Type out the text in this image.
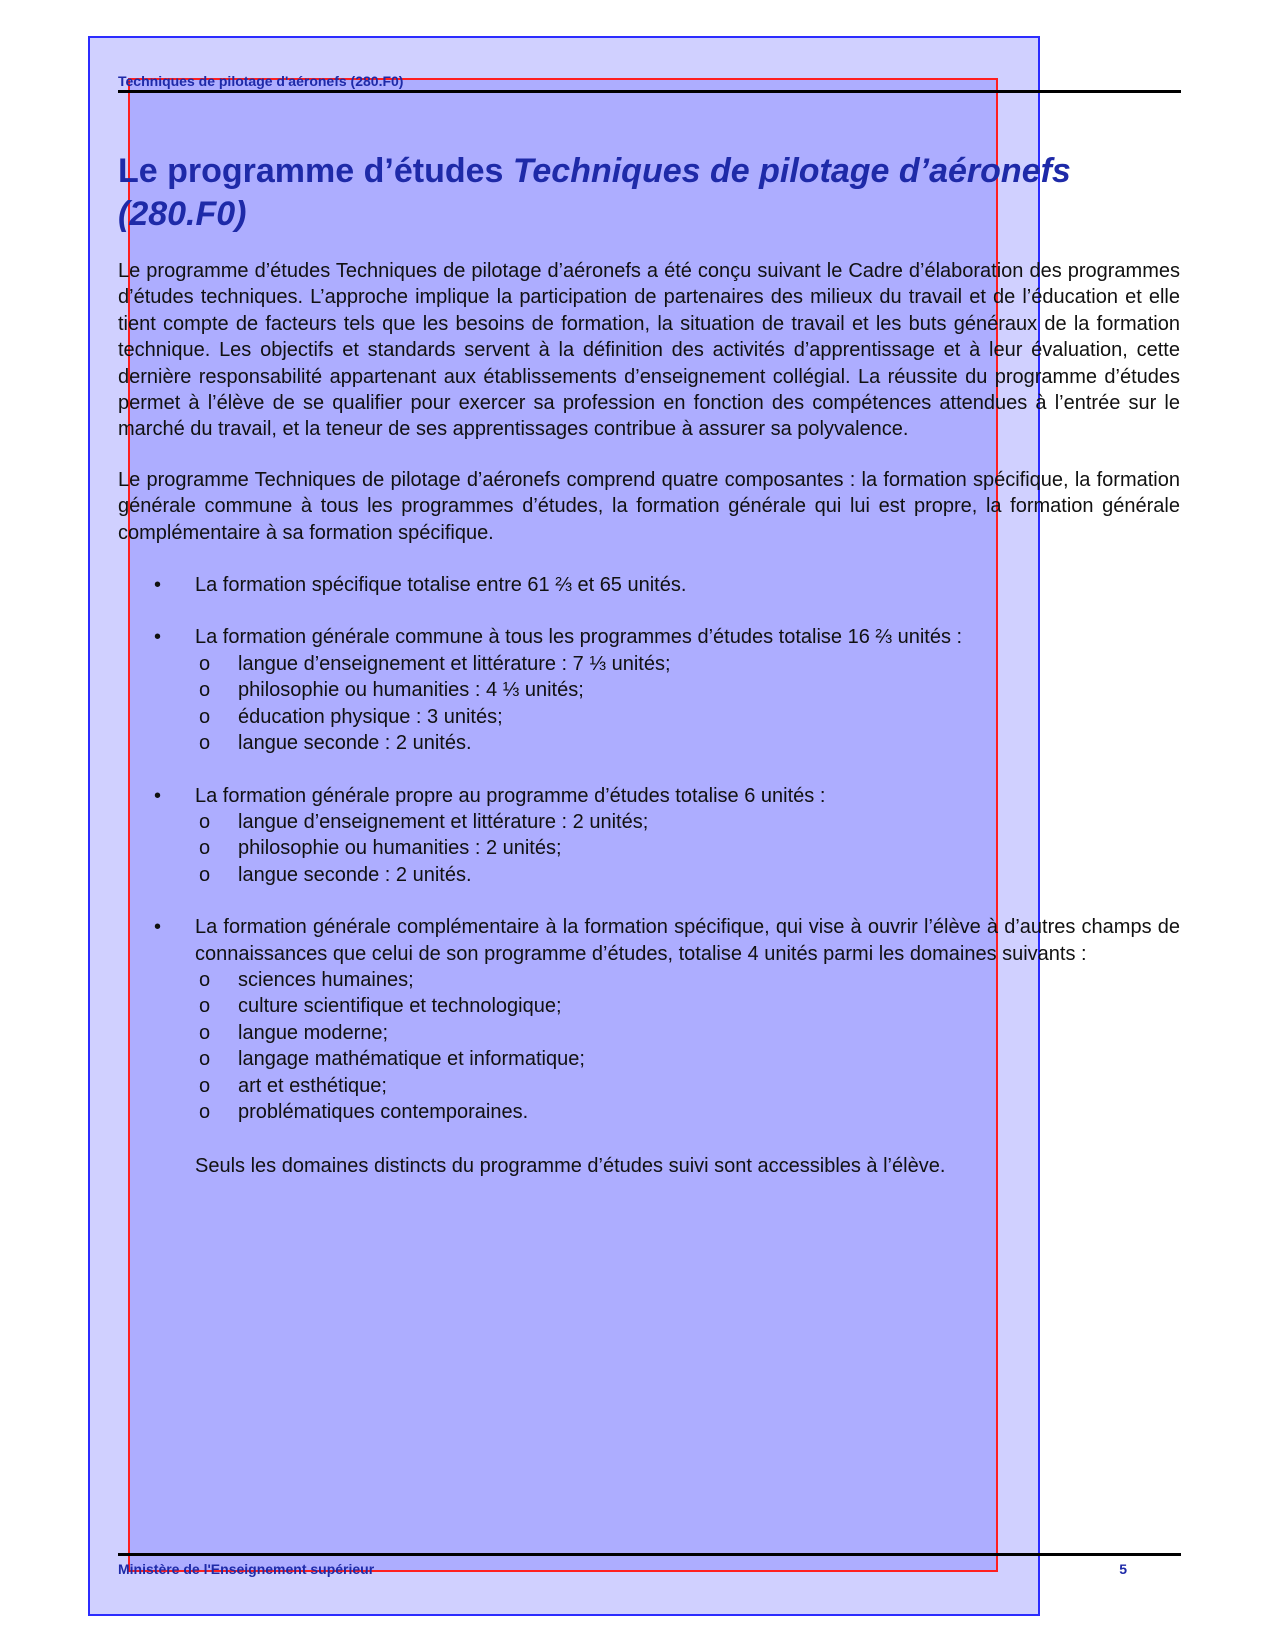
Techniques de pilotage d'aéronefs (280.F0)
Ministère de l'Enseignement supérieur	5
Le programme d’études Techniques de pilotage d’aéronefs
(280.F0)

Le programme d’études Techniques de pilotage d’aéronefs a été conçu suivant le Cadre d’élaboration des programmes d’études techniques. L’approche implique la participation de partenaires des milieux du travail et de l’éducation et elle tient compte de facteurs tels que les besoins de formation, la situation de travail et les buts généraux de la formation technique. Les objectifs et standards servent à la définition des activités d’apprentissage et à leur évaluation, cette dernière responsabilité appartenant aux établissements d’enseignement collégial. La réussite du programme d’études permet à l’élève de se qualifier pour exercer sa profession en fonction des compétences attendues à l’entrée sur le marché du travail, et la teneur de ses apprentissages contribue à assurer sa polyvalence.

Le programme Techniques de pilotage d’aéronefs comprend quatre composantes : la formation spécifique, la formation générale commune à tous les programmes d’études, la formation générale qui lui est propre, la formation générale complémentaire à sa formation spécifique.

• La formation spécifique totalise entre 61 ⅔ et 65 unités.
• La formation générale commune à tous les programmes d’études totalise 16 ⅔ unités :
o langue d’enseignement et littérature : 7 ⅓ unités;
o philosophie ou humanities : 4 ⅓ unités;
o éducation physique : 3 unités;
o langue seconde : 2 unités.
• La formation générale propre au programme d’études totalise 6 unités :
o langue d’enseignement et littérature : 2 unités;
o philosophie ou humanities : 2 unités;
o langue seconde : 2 unités.
• La formation générale complémentaire à la formation spécifique, qui vise à ouvrir l’élève à d’autres champs de connaissances que celui de son programme d’études, totalise 4 unités parmi les domaines suivants :
o sciences humaines;
o culture scientifique et technologique;
o langue moderne;
o langage mathématique et informatique;
o art et esthétique;
o problématiques contemporaines.
Seuls les domaines distincts du programme d’études suivi sont accessibles à l’élève.
